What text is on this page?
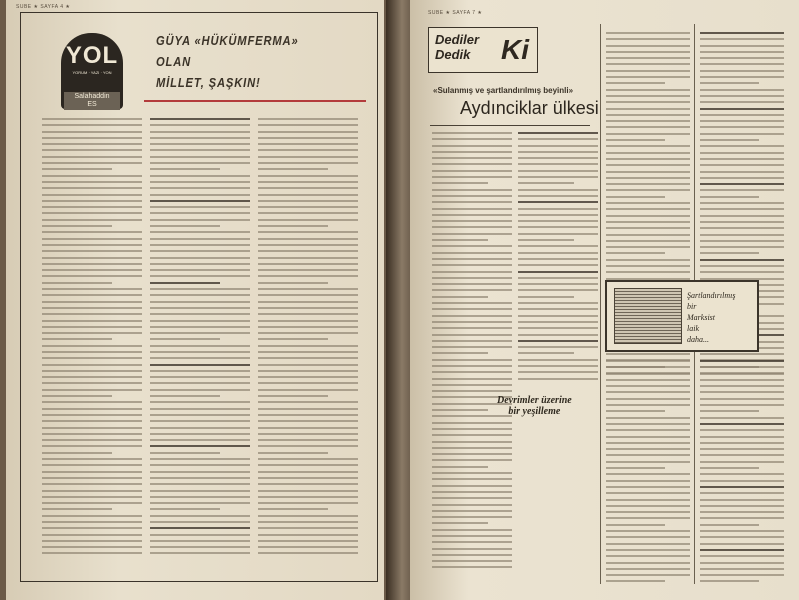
SUBE ★ SAYFA 4 ★
YOL
YORUM · YAZI · YON
Salahaddin
ES
GÜYA «HÜKÜMFERMA» OLAN
MİLLET, ŞAŞKIN!
SUBE ★ SAYFA 7 ★
Dediler
Dedik	Ki
«Sulanmış ve şartlandırılmış beyinli»
Aydınciklar ülkesi
Devrimler üzerine
bir yeşilleme
Şartlandırılmış
bir
Marksist
laik
daha...
